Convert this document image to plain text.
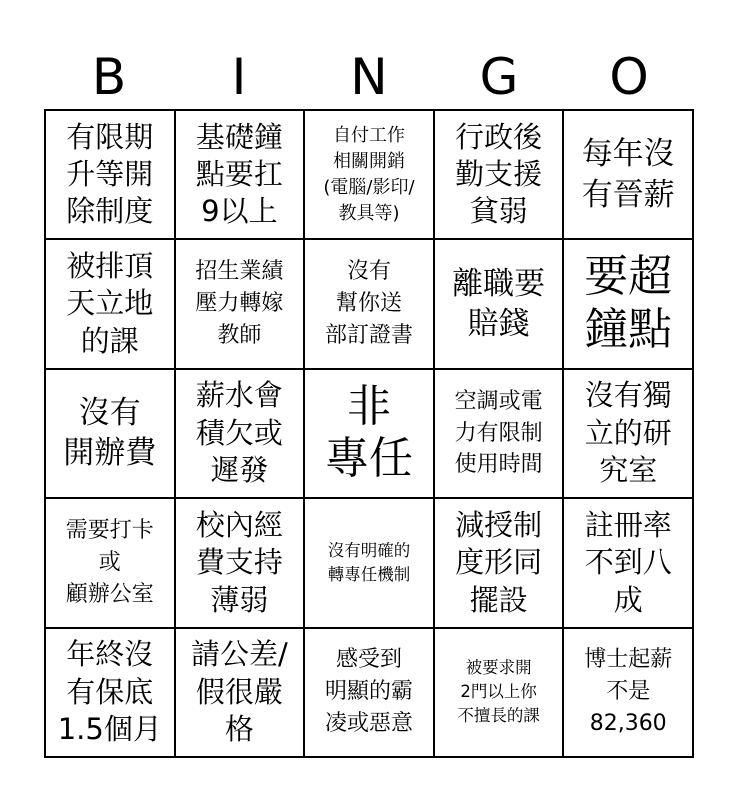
B	I	N	G	O
有限期
升等開
除制度
基礎鐘
點要扛
9以上
自付工作
相關開銷
(電腦/影印/
教具等)
行政後
勤支援
貧弱
每年沒
有晉薪
被排頂
天立地
的課
招生業績
壓力轉嫁
教師
沒有
幫你送
部訂證書
離職要
賠錢
要超
鐘點
沒有
開辦費
薪水會
積欠或
遲發
非
專任
空調或電
力有限制
使用時間
沒有獨
立的研
究室
需要打卡
或
顧辦公室
校內經
費支持
薄弱
沒有明確的
轉專任機制
減授制
度形同
擺設
註冊率
不到八
成
年終沒
有保底
1.5個月
請公差/
假很嚴
格
感受到
明顯的霸
凌或惡意
被要求開
2門以上你
不擅長的課
博士起薪
不是
82,360
